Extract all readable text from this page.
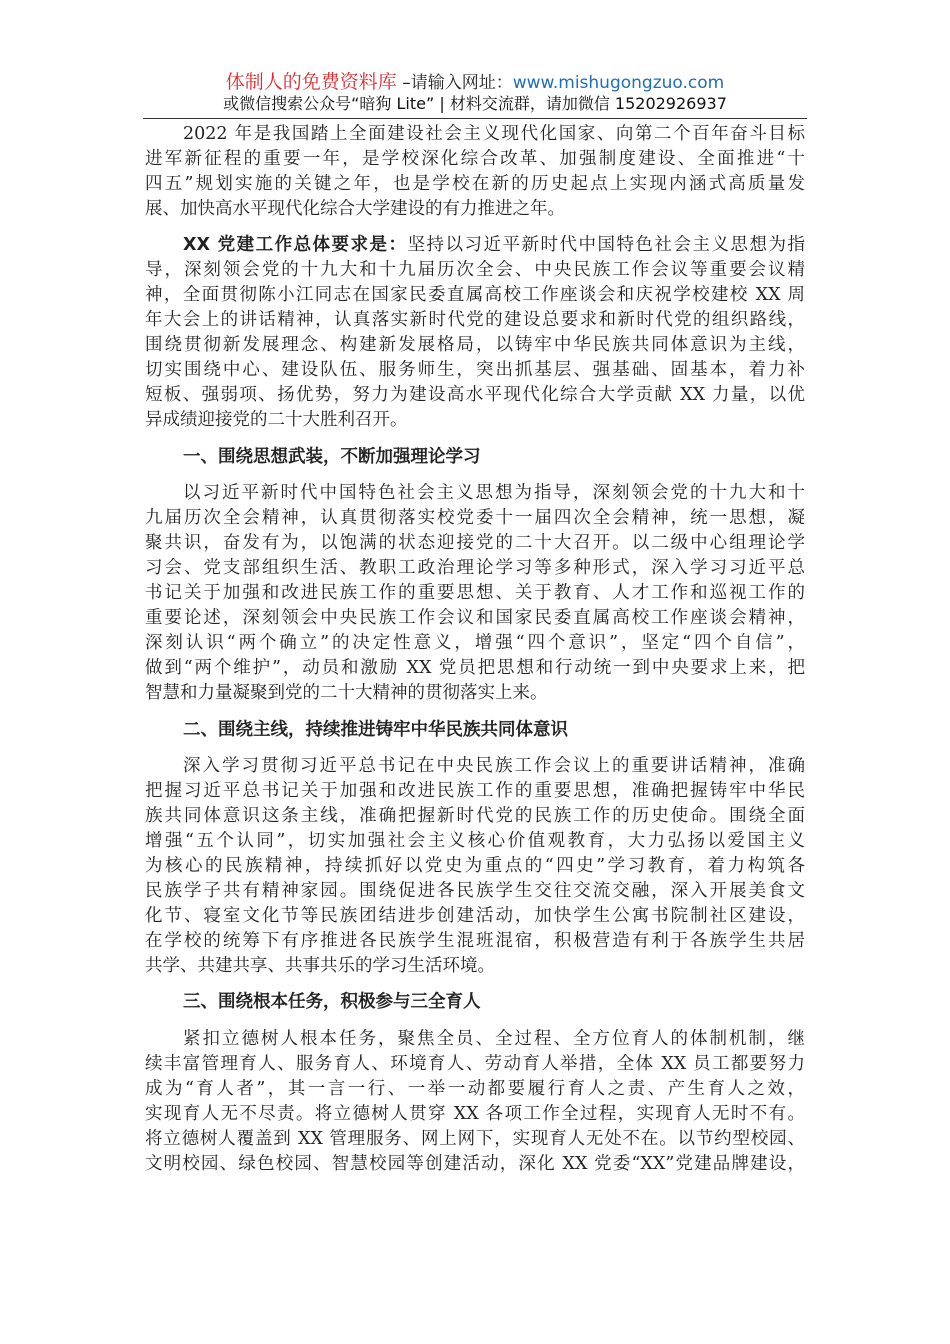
体制人的免费资料库 –请输入网址：www.mishugongzuo.com
或微信搜索公众号“暗狗 Lite” | 材料交流群，请加微信 15202926937
2022 年是我国踏上全面建设社会主义现代化国家、向第二个百年奋斗目标
进军新征程的重要一年，是学校深化综合改革、加强制度建设、全面推进“十
四五”规划实施的关键之年，也是学校在新的历史起点上实现内涵式高质量发
展、加快高水平现代化综合大学建设的有力推进之年。
XX 党建工作总体要求是：坚持以习近平新时代中国特色社会主义思想为指
导，深刻领会党的十九大和十九届历次全会、中央民族工作会议等重要会议精
神，全面贯彻陈小江同志在国家民委直属高校工作座谈会和庆祝学校建校 XX 周
年大会上的讲话精神，认真落实新时代党的建设总要求和新时代党的组织路线，
围绕贯彻新发展理念、构建新发展格局，以铸牢中华民族共同体意识为主线，
切实围绕中心、建设队伍、服务师生，突出抓基层、强基础、固基本，着力补
短板、强弱项、扬优势，努力为建设高水平现代化综合大学贡献 XX 力量，以优
异成绩迎接党的二十大胜利召开。
一、围绕思想武装，不断加强理论学习
以习近平新时代中国特色社会主义思想为指导，深刻领会党的十九大和十
九届历次全会精神，认真贯彻落实校党委十一届四次全会精神，统一思想，凝
聚共识，奋发有为，以饱满的状态迎接党的二十大召开。以二级中心组理论学
习会、党支部组织生活、教职工政治理论学习等多种形式，深入学习习近平总
书记关于加强和改进民族工作的重要思想、关于教育、人才工作和巡视工作的
重要论述，深刻领会中央民族工作会议和国家民委直属高校工作座谈会精神，
深刻认识“两个确立”的决定性意义，增强“四个意识”，坚定“四个自信”，
做到“两个维护”，动员和激励 XX 党员把思想和行动统一到中央要求上来，把
智慧和力量凝聚到党的二十大精神的贯彻落实上来。
二、围绕主线，持续推进铸牢中华民族共同体意识
深入学习贯彻习近平总书记在中央民族工作会议上的重要讲话精神，准确
把握习近平总书记关于加强和改进民族工作的重要思想，准确把握铸牢中华民
族共同体意识这条主线，准确把握新时代党的民族工作的历史使命。围绕全面
增强“五个认同”，切实加强社会主义核心价值观教育，大力弘扬以爱国主义
为核心的民族精神，持续抓好以党史为重点的“四史”学习教育，着力构筑各
民族学子共有精神家园。围绕促进各民族学生交往交流交融，深入开展美食文
化节、寝室文化节等民族团结进步创建活动，加快学生公寓书院制社区建设，
在学校的统筹下有序推进各民族学生混班混宿，积极营造有利于各族学生共居
共学、共建共享、共事共乐的学习生活环境。
三、围绕根本任务，积极参与三全育人
紧扣立德树人根本任务，聚焦全员、全过程、全方位育人的体制机制，继
续丰富管理育人、服务育人、环境育人、劳动育人举措，全体 XX 员工都要努力
成为“育人者”，其一言一行、一举一动都要履行育人之责、产生育人之效，
实现育人无不尽责。将立德树人贯穿 XX 各项工作全过程，实现育人无时不有。
将立德树人覆盖到 XX 管理服务、网上网下，实现育人无处不在。以节约型校园、
文明校园、绿色校园、智慧校园等创建活动，深化 XX 党委“XX”党建品牌建设，
